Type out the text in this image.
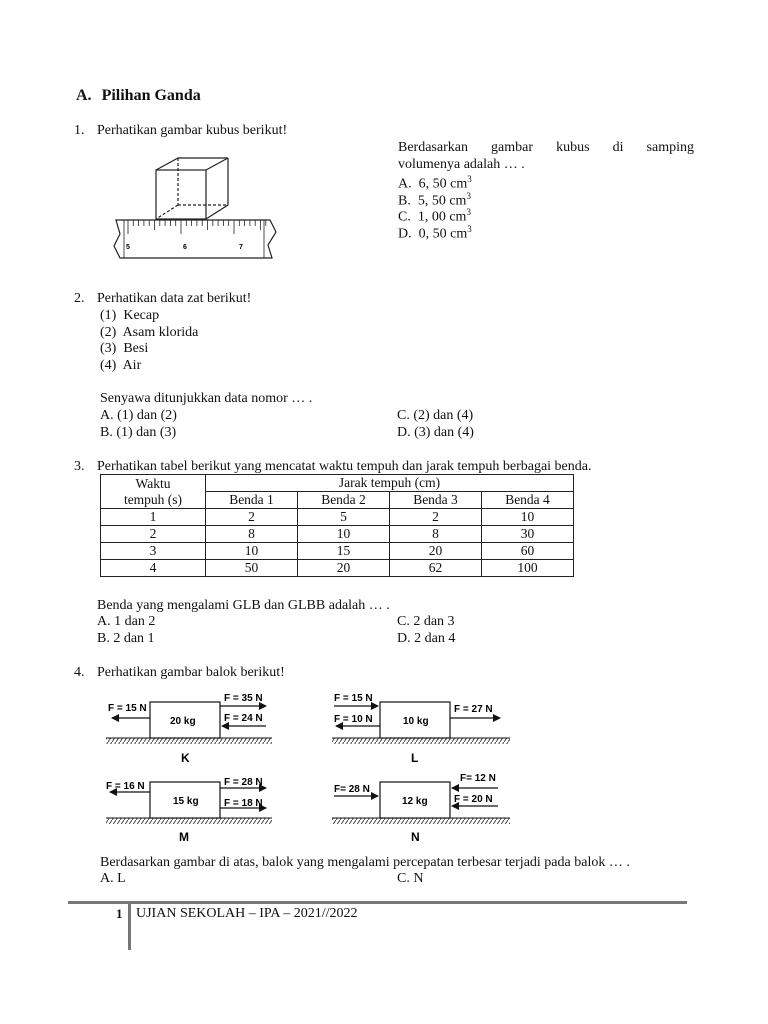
A. Pilihan Ganda
1. Perhatikan gambar kubus berikut!
5	6	7
Berdasarkan gambar kubus di samping
volumenya adalah … .
A. 6, 50 $cm^3$
B. 5, 50 $cm^3$
C. 1, 00 $cm^3$
D. 0, 50 $cm^3$
2. Perhatikan data zat berikut!
(1) Kecap
(2) Asam klorida
(3) Besi
(4) Air
Senyawa ditunjukkan data nomor … .
A. (1) dan (2)
B. (1) dan (3)
C. (2) dan (4)
D. (3) dan (4)
3. Perhatikan tabel berikut yang mencatat waktu tempuh dan jarak tempuh berbagai benda.
Waktu
tempuh (s)	Jarak tempuh (cm)			
	Benda 1	Benda 2	Benda 3	Benda 4
1	2	5	2	10
2	8	10	8	30
3	10	15	20	60
4	50	20	62	100
Benda yang mengalami GLB dan GLBB adalah … .
A. 1 dan 2
B. 2 dan 1
C. 2 dan 3
D. 2 dan 4
4. Perhatikan gambar balok berikut!
20 kg
F = 15 N
F = 35 N
F = 24 N
K
10 kg
F = 15 N
F = 10 N
F = 27 N
L
15 kg
F = 16 N	F = 28 N
F = 18 N
M
12 kg
F= 28 N
F= 12 N
F = 20 N
N
Berdasarkan gambar di atas, balok yang mengalami percepatan terbesar terjadi pada balok … .
A. L	C. N
1 UJIAN SEKOLAH – IPA – 2021//2022
